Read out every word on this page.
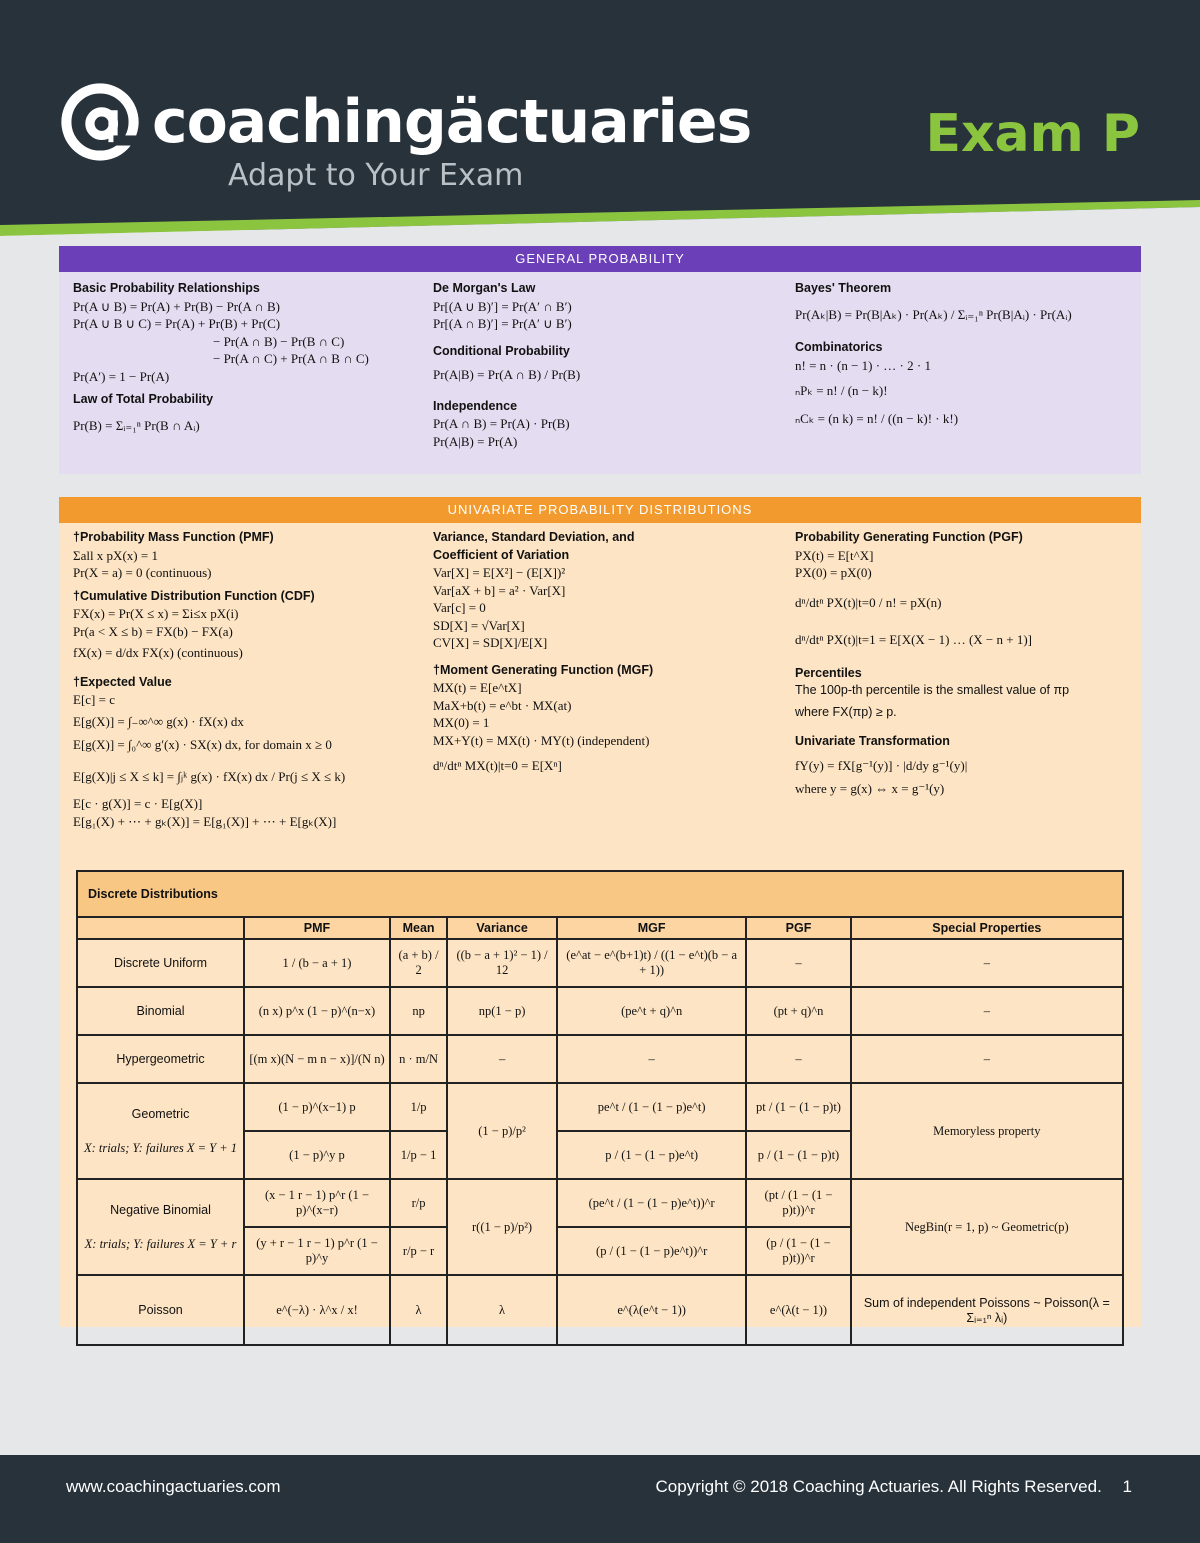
coachingäctuaries
Adapt to Your Exam
Exam P
GENERAL PROBABILITY
Basic Probability Relationships
Pr(A ∪ B) = Pr(A) + Pr(B) − Pr(A ∩ B)
Pr(A ∪ B ∪ C) = Pr(A) + Pr(B) + Pr(C)
− Pr(A ∩ B) − Pr(B ∩ C)
− Pr(A ∩ C) + Pr(A ∩ B ∩ C)
Pr(A′) = 1 − Pr(A)
Law of Total Probability
Pr(B) = Σᵢ₌₁ⁿ Pr(B ∩ Aᵢ)
De Morgan's Law
Pr[(A ∪ B)′] = Pr(A′ ∩ B′)
Pr[(A ∩ B)′] = Pr(A′ ∪ B′)
Conditional Probability
Pr(A|B) = Pr(A ∩ B) / Pr(B)
Independence
Pr(A ∩ B) = Pr(A) · Pr(B)
Pr(A|B) = Pr(A)
Bayes' Theorem
Pr(Aₖ|B) = Pr(B|Aₖ) · Pr(Aₖ) / Σᵢ₌₁ⁿ Pr(B|Aᵢ) · Pr(Aᵢ)
Combinatorics
n! = n · (n − 1) · … · 2 · 1
ₙPₖ = n! / (n − k)!
ₙCₖ = (n k) = n! / ((n − k)! · k!)
UNIVARIATE PROBABILITY DISTRIBUTIONS
†Probability Mass Function (PMF)
Σall x pX(x) = 1
Pr(X = a) = 0 (continuous)
†Cumulative Distribution Function (CDF)
FX(x) = Pr(X ≤ x) = Σi≤x pX(i)
Pr(a < X ≤ b) = FX(b) − FX(a)
fX(x) = d/dx FX(x) (continuous)
†Expected Value
E[c] = c
E[g(X)] = ∫₋∞^∞ g(x) · fX(x) dx
E[g(X)] = ∫₀^∞ g′(x) · SX(x) dx, for domain x ≥ 0
E[g(X)|j ≤ X ≤ k] = ∫ⱼᵏ g(x) · fX(x) dx / Pr(j ≤ X ≤ k)
E[c · g(X)] = c · E[g(X)]
E[g₁(X) + ⋯ + gₖ(X)] = E[g₁(X)] + ⋯ + E[gₖ(X)]
Variance, Standard Deviation, and
Coefficient of Variation
Var[X] = E[X²] − (E[X])²
Var[aX + b] = a² · Var[X]
Var[c] = 0
SD[X] = √Var[X]
CV[X] = SD[X]/E[X]
†Moment Generating Function (MGF)
MX(t) = E[e^tX]
MaX+b(t) = e^bt · MX(at)
MX(0) = 1
MX+Y(t) = MX(t) · MY(t) (independent)
dⁿ/dtⁿ MX(t)|t=0 = E[Xⁿ]
Probability Generating Function (PGF)
PX(t) = E[t^X]
PX(0) = pX(0)
dⁿ/dtⁿ PX(t)|t=0 / n! = pX(n)
dⁿ/dtⁿ PX(t)|t=1 = E[X(X − 1) … (X − n + 1)]
Percentiles
The 100p-th percentile is the smallest value of πp
where FX(πp) ≥ p.
Univariate Transformation
fY(y) = fX[g⁻¹(y)] · |d/dy g⁻¹(y)|
where y = g(x) ⇔ x = g⁻¹(y)
Discrete Distributions						
	PMF	Mean	Variance	MGF	PGF	Special Properties
Discrete Uniform	1 / (b − a + 1)	(a + b) / 2	((b − a + 1)² − 1) / 12	(e^at − e^(b+1)t) / ((1 − e^t)(b − a + 1))	–	–
Binomial	(n x) p^x (1 − p)^(n−x)	np	np(1 − p)	(pe^t + q)^n	(pt + q)^n	–
Hypergeometric	[(m x)(N − m n − x)]/(N n)	n · m/N	–	–	–	–

Geometric
X: trials; Y: failures X = Y + 1	(1 − p)^(x−1) p	1/p	(1 − p)/p²	pe^t / (1 − (1 − p)e^t)	pt / (1 − (1 − p)t)	Memoryless property
	(1 − p)^y p	1/p − 1		p / (1 − (1 − p)e^t)	p / (1 − (1 − p)t)	

Negative Binomial
X: trials; Y: failures X = Y + r	(x − 1 r − 1) p^r (1 − p)^(x−r)	r/p	r((1 − p)/p²)	(pe^t / (1 − (1 − p)e^t))^r	(pt / (1 − (1 − p)t))^r	NegBin(r = 1, p) ~ Geometric(p)
	(y + r − 1 r − 1) p^r (1 − p)^y	r/p − r		(p / (1 − (1 − p)e^t))^r	(p / (1 − (1 − p)t))^r	
Poisson	e^(−λ) · λ^x / x!	λ	λ	e^(λ(e^t − 1))	e^(λ(t − 1))	Sum of independent Poissons ~ Poisson(λ = Σᵢ₌₁ⁿ λᵢ)
www.coachingactuaries.com	Copyright © 2018 Coaching Actuaries. All Rights Reserved. 1
